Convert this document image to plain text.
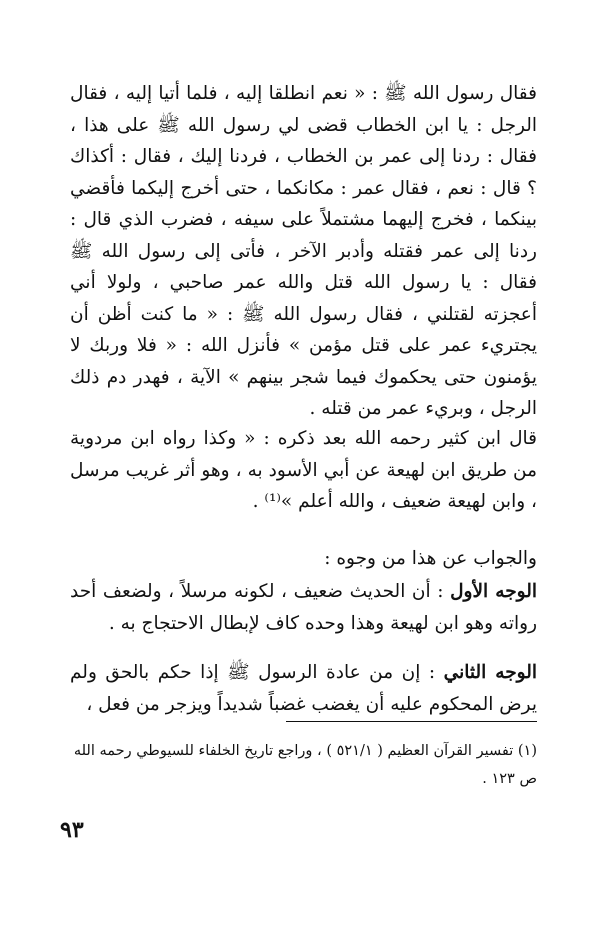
فقال رسول الله ﷺ : « نعم انطلقا إليه ، فلما أتيا إليه ، فقال الرجل : يا ابن الخطاب قضى لي رسول الله ﷺ على هذا ، فقال : ردنا إلى عمر بن الخطاب ، فردنا إليك ، فقال : أكذاك ؟ قال : نعم ، فقال عمر : مكانكما ، حتى أخرج إليكما فأقضي بينكما ، فخرج إليهما مشتملاً على سيفه ، فضرب الذي قال : ردنا إلى عمر فقتله وأدبر الآخر ، فأتى إلى رسول الله ﷺ فقال : يا رسول الله قتل والله عمر صاحبي ، ولولا أني أعجزته لقتلني ، فقال رسول الله ﷺ : « ما كنت أظن أن يجتريء عمر على قتل مؤمن » فأنزل الله : « فلا وربك لا يؤمنون حتى يحكموك فيما شجر بينهم » الآية ، فهدر دم ذلك الرجل ، وبريء عمر من قتله .

قال ابن كثير رحمه الله بعد ذكره : « وكذا رواه ابن مردوية من طريق ابن لهيعة عن أبي الأسود به ، وهو أثر غريب مرسل ، وابن لهيعة ضعيف ، والله أعلم »⁽¹⁾ .

والجواب عن هذا من وجوه :

الوجه الأول : أن الحديث ضعيف ، لكونه مرسلاً ، ولضعف أحد رواته وهو ابن لهيعة وهذا وحده كاف لإبطال الاحتجاج به .

الوجه الثاني : إن من عادة الرسول ﷺ إذا حكم بالحق ولم يرض المحكوم عليه أن يغضب غضباً شديداً ويزجر من فعل ،

(١) تفسير القرآن العظيم ( ٥٢١/١ ) ، وراجع تاريخ الخلفاء للسيوطي رحمه الله ص ١٢٣ .

٩٣
